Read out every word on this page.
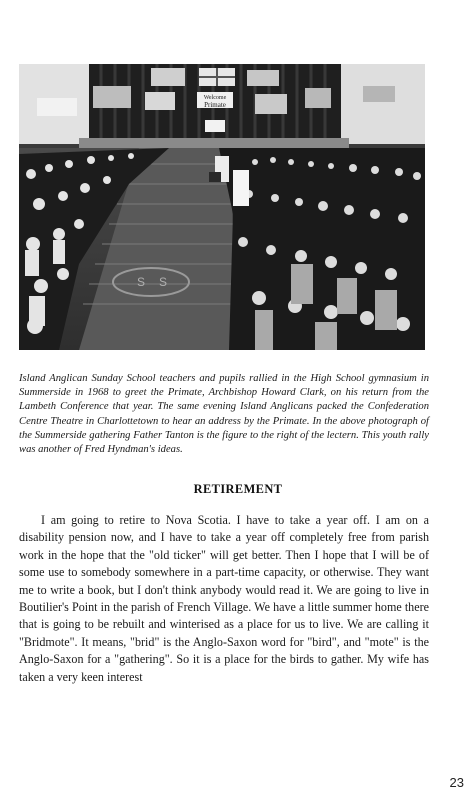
Welcome
Primate
S S

Island Anglican Sunday School teachers and pupils rallied in the High School gymnasium in Summerside in 1968 to greet the Primate, Archbishop Howard Clark, on his return from the Lambeth Conference that year. The same evening Island Anglicans packed the Confederation Centre Theatre in Charlottetown to hear an address by the Primate. In the above photograph of the Summerside gathering Father Tanton is the figure to the right of the lectern. This youth rally was another of Fred Hyndman's ideas.

RETIREMENT

I am going to retire to Nova Scotia. I have to take a year off. I am on a disability pension now, and I have to take a year off completely free from parish work in the hope that the "old ticker" will get better. Then I hope that I will be of some use to somebody somewhere in a part-time capacity, or otherwise. They want me to write a book, but I don't think anybody would read it. We are going to live in Boutilier's Point in the parish of French Village. We have a little summer home there that is going to be rebuilt and winterised as a place for us to live. We are calling it "Bridmote". It means, "brid" is the Anglo-Saxon word for "bird", and "mote" is the Anglo-Saxon for a "gathering". So it is a place for the birds to gather. My wife has taken a very keen interest

23
